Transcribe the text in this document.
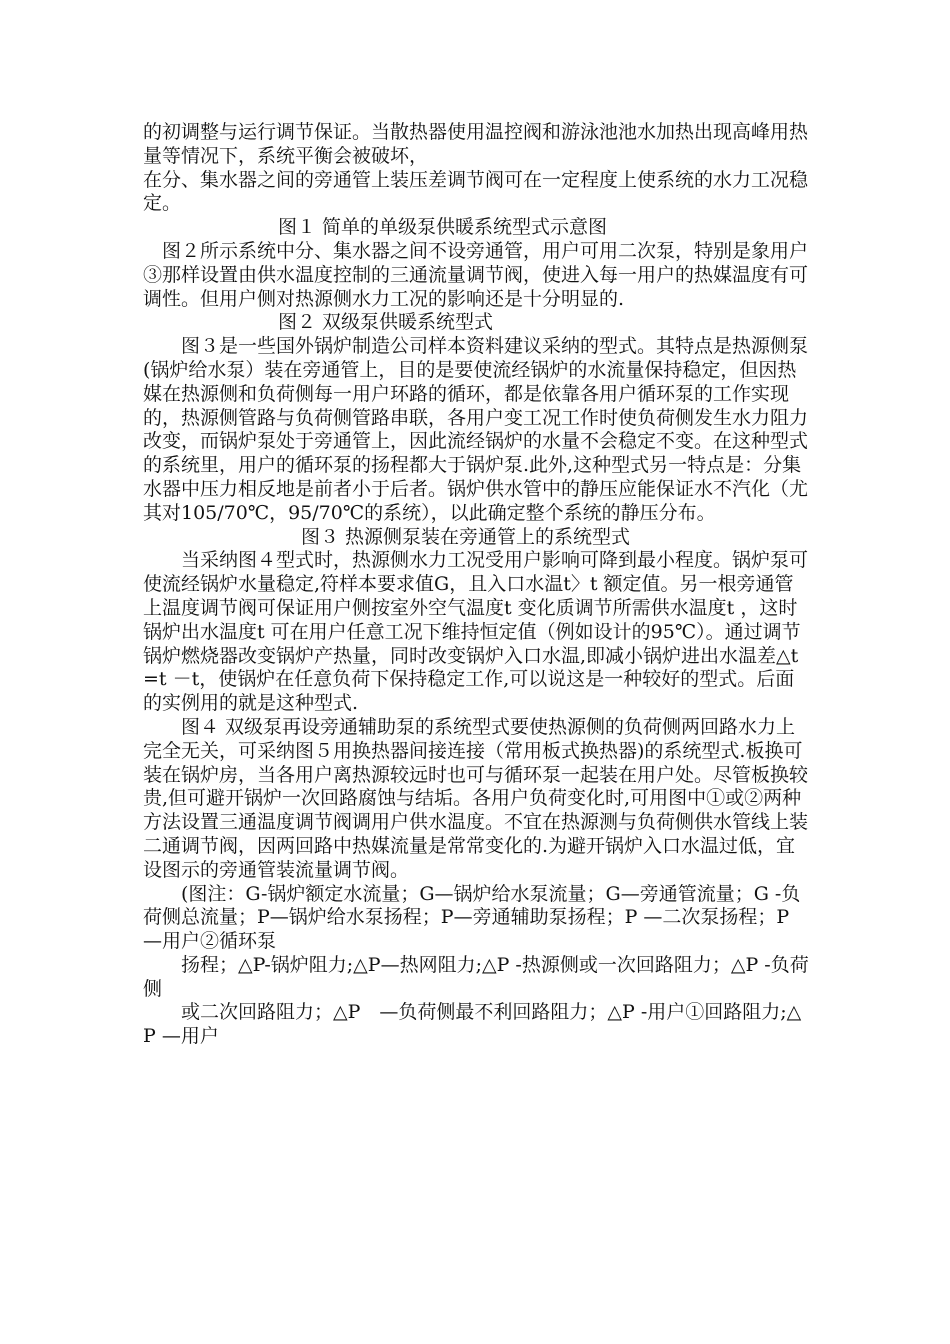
的初调整与运行调节保证。当散热器使用温控阀和游泳池池水加热出现高峰用热量等情况下，系统平衡会被破坏，

在分、集水器之间的旁通管上装压差调节阀可在一定程度上使系统的水力工况稳定。

图１ 简单的单级泵供暖系统型式示意图

图２所示系统中分、集水器之间不设旁通管，用户可用二次泵，特别是象用户③那样设置由供水温度控制的三通流量调节阀，使进入每一用户的热媒温度有可调性。但用户侧对热源侧水力工况的影响还是十分明显的.

图２ 双级泵供暖系统型式

图３是一些国外锅炉制造公司样本资料建议采纳的型式。其特点是热源侧泵(锅炉给水泵）装在旁通管上，目的是要使流经锅炉的水流量保持稳定，但因热媒在热源侧和负荷侧每一用户环路的循环，都是依靠各用户循环泵的工作实现的，热源侧管路与负荷侧管路串联，各用户变工况工作时使负荷侧发生水力阻力改变，而锅炉泵处于旁通管上，因此流经锅炉的水量不会稳定不变。在这种型式的系统里，用户的循环泵的扬程都大于锅炉泵.此外,这种型式另一特点是：分集水器中压力相反地是前者小于后者。锅炉供水管中的静压应能保证水不汽化（尤其对105/70℃，95/70℃的系统），以此确定整个系统的静压分布。

图３ 热源侧泵装在旁通管上的系统型式

当采纳图４型式时，热源侧水力工况受用户影响可降到最小程度。锅炉泵可使流经锅炉水量稳定,符样本要求值G，且入口水温t〉t 额定值。另一根旁通管上温度调节阀可保证用户侧按室外空气温度t 变化质调节所需供水温度t ，这时锅炉出水温度t 可在用户任意工况下维持恒定值（例如设计的95℃）。通过调节锅炉燃烧器改变锅炉产热量，同时改变锅炉入口水温,即减小锅炉进出水温差△t=t －t，使锅炉在任意负荷下保持稳定工作,可以说这是一种较好的型式。后面的实例用的就是这种型式.

图４ 双级泵再设旁通辅助泵的系统型式要使热源侧的负荷侧两回路水力上完全无关，可采纳图５用换热器间接连接（常用板式换热器)的系统型式.板换可装在锅炉房，当各用户离热源较远时也可与循环泵一起装在用户处。尽管板换较贵,但可避开锅炉一次回路腐蚀与结垢。各用户负荷变化时,可用图中①或②两种方法设置三通温度调节阀调用户供水温度。不宜在热源测与负荷侧供水管线上装二通调节阀，因两回路中热媒流量是常常变化的.为避开锅炉入口水温过低，宜设图示的旁通管装流量调节阀。

(图注：G-锅炉额定水流量；G—锅炉给水泵流量；G—旁通管流量；G -负荷侧总流量；P—锅炉给水泵扬程；P—旁通辅助泵扬程；P —二次泵扬程；P —用户②循环泵

扬程；△P-锅炉阻力;△P—热网阻力;△P -热源侧或一次回路阻力；△P -负荷侧

或二次回路阻力；△P　—负荷侧最不利回路阻力；△P -用户①回路阻力;△P —用户
